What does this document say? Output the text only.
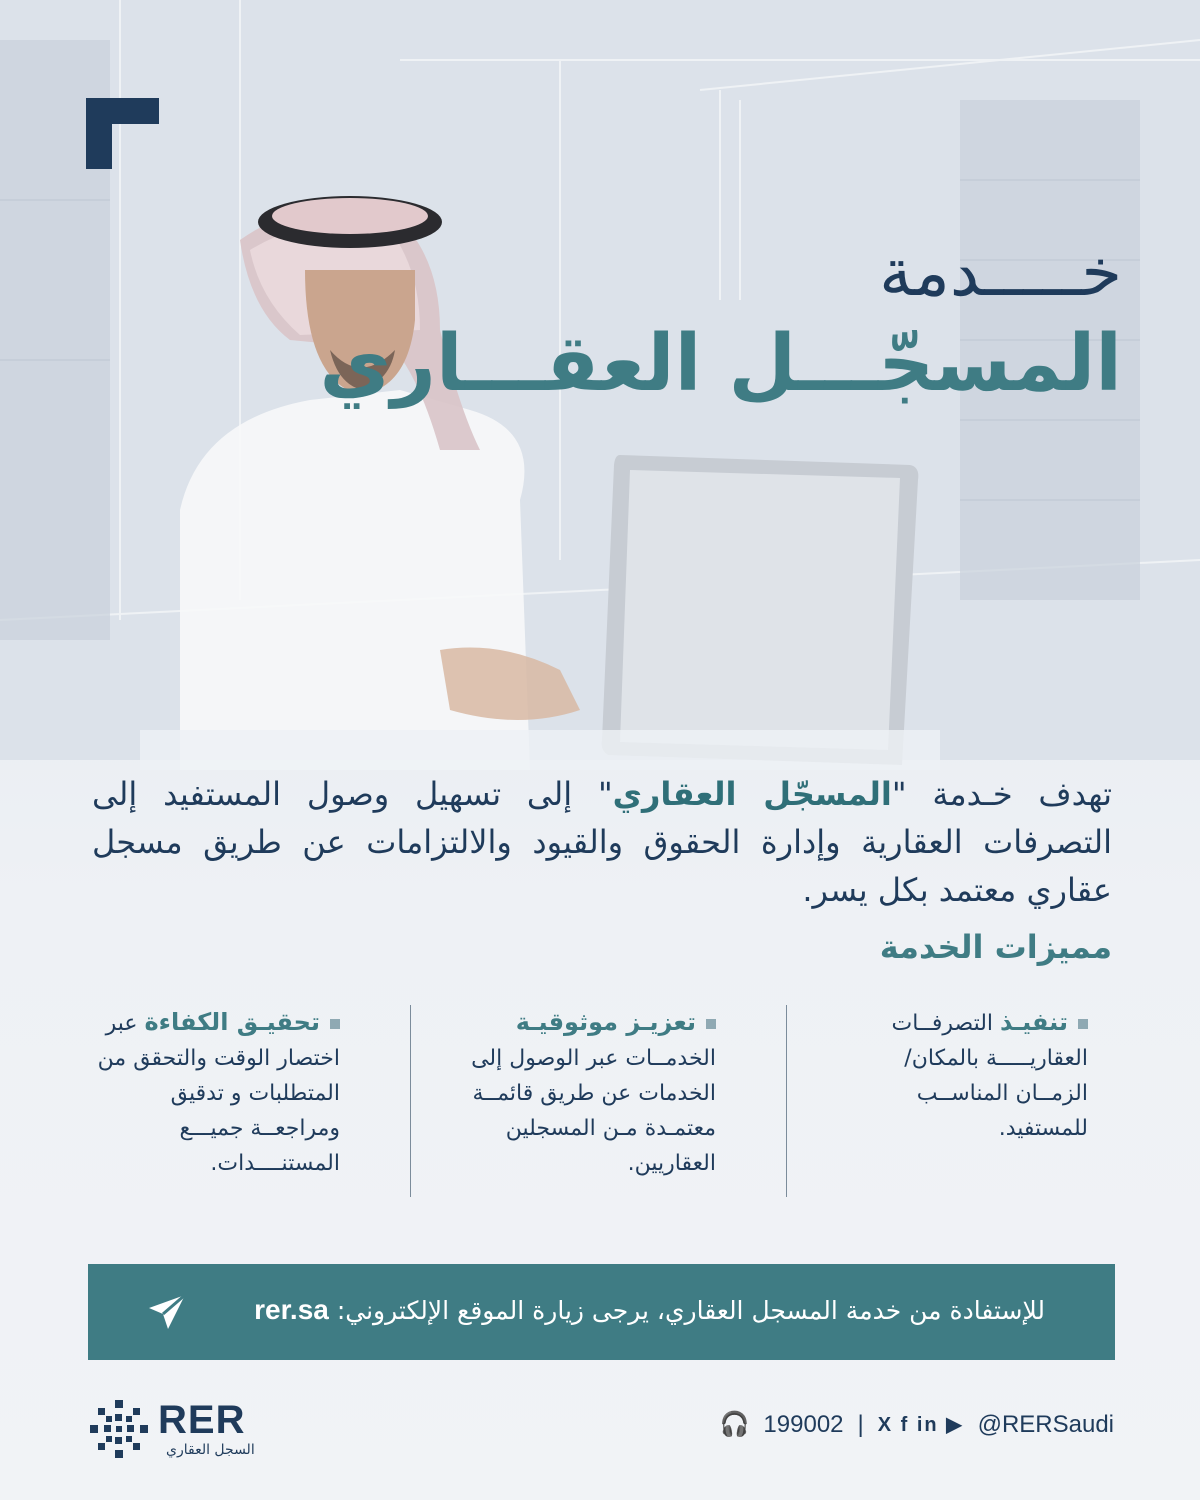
خـــــدمة
المسجّـــل العقـــاري
تهدف خـدمة "المسجّل العقاري" إلى تسهيل وصول المستفيد إلى التصرفات العقارية وإدارة الحقوق والقيود والالتزامات عن طريق مسجل عقاري معتمد بكل يسر.
مميزات الخدمة
تنفيـذ التصرفــات العقاريـــــة بالمكان/ الزمــان المناســب للمستفيد.
تعزيـز موثوقيـة الخدمــات عبر الوصول إلى الخدمات عن طريق قائمــة معتمـدة مـن المسجلين العقاريين.
تحقيـق الكفاءة عبر اختصار الوقت والتحقق من المتطلبات و تدقيق ومراجعــة جميـــع المستنــــدات.
للإستفادة من خدمة المسجل العقاري، يرجى زيارة الموقع الإلكتروني: rer.sa
RER
السجل العقاري
🎧 199002 | X f in ▶ @RERSaudi
